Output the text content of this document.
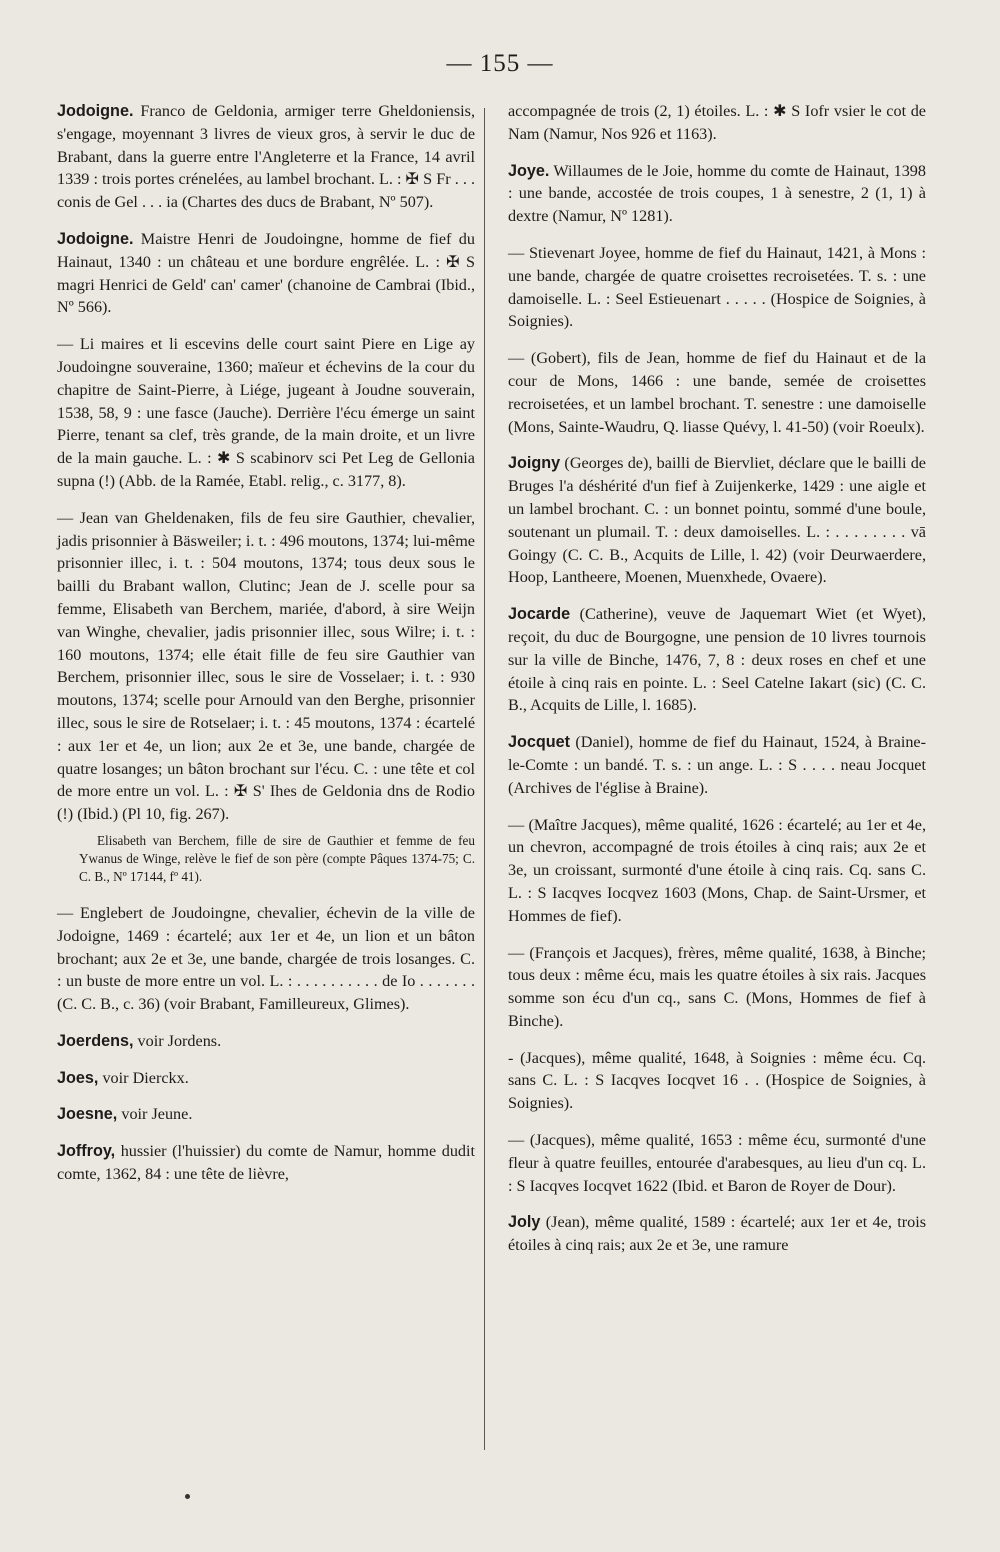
— 155 —

Jodoigne. Franco de Geldonia, armiger terre Gheldoniensis, s'engage, moyennant 3 livres de vieux gros, à servir le duc de Brabant, dans la guerre entre l'Angleterre et la France, 14 avril 1339 : trois portes crénelées, au lambel brochant. L. : ✠ S Fr . . . conis de Gel . . . ia (Chartes des ducs de Brabant, Nº 507).

Jodoigne. Maistre Henri de Joudoingne, homme de fief du Hainaut, 1340 : un château et une bordure engrêlée. L. : ✠ S magri Henrici de Geld' can' camer' (chanoine de Cambrai (Ibid., Nº 566).

— Li maires et li escevins delle court saint Piere en Lige ay Joudoingne souveraine, 1360; maïeur et échevins de la cour du chapitre de Saint-Pierre, à Liége, jugeant à Joudne souverain, 1538, 58, 9 : une fasce (Jauche). Derrière l'écu émerge un saint Pierre, tenant sa clef, très grande, de la main droite, et un livre de la main gauche. L. : ✱ S scabinorv sci Pet Leg de Gellonia supna (!) (Abb. de la Ramée, Etabl. relig., c. 3177, 8).

— Jean van Gheldenaken, fils de feu sire Gauthier, chevalier, jadis prisonnier à Bäsweiler; i. t. : 496 moutons, 1374; lui-même prisonnier illec, i. t. : 504 moutons, 1374; tous deux sous le bailli du Brabant wallon, Clutinc; Jean de J. scelle pour sa femme, Elisabeth van Berchem, mariée, d'abord, à sire Weijn van Winghe, chevalier, jadis prisonnier illec, sous Wilre; i. t. : 160 moutons, 1374; elle était fille de feu sire Gauthier van Berchem, prisonnier illec, sous le sire de Vosselaer; i. t. : 930 moutons, 1374; scelle pour Arnould van den Berghe, prisonnier illec, sous le sire de Rotselaer; i. t. : 45 moutons, 1374 : écartelé : aux 1er et 4e, un lion; aux 2e et 3e, une bande, chargée de quatre losanges; un bâton brochant sur l'écu. C. : une tête et col de more entre un vol. L. : ✠ S' Ihes de Geldonia dns de Rodio (!) (Ibid.) (Pl 10, fig. 267).

Elisabeth van Berchem, fille de sire de Gauthier et femme de feu Ywanus de Winge, relève le fief de son père (compte Pâques 1374-75; C. C. B., Nº 17144, fº 41).

— Englebert de Joudoingne, chevalier, échevin de la ville de Jodoigne, 1469 : écartelé; aux 1er et 4e, un lion et un bâton brochant; aux 2e et 3e, une bande, chargée de trois losanges. C. : un buste de more entre un vol. L. : . . . . . . . . . . de Io . . . . . . . (C. C. B., c. 36) (voir Brabant, Familleureux, Glimes).

Joerdens, voir Jordens.

Joes, voir Dierckx.

Joesne, voir Jeune.

Joffroy, hussier (l'huissier) du comte de Namur, homme dudit comte, 1362, 84 : une tête de lièvre,

accompagnée de trois (2, 1) étoiles. L. : ✱ S Iofr vsier le cot de Nam (Namur, Nos 926 et 1163).

Joye. Willaumes de le Joie, homme du comte de Hainaut, 1398 : une bande, accostée de trois coupes, 1 à senestre, 2 (1, 1) à dextre (Namur, Nº 1281).

— Stievenart Joyee, homme de fief du Hainaut, 1421, à Mons : une bande, chargée de quatre croisettes recroisetées. T. s. : une damoiselle. L. : Seel Estieuenart . . . . . (Hospice de Soignies, à Soignies).

— (Gobert), fils de Jean, homme de fief du Hainaut et de la cour de Mons, 1466 : une bande, semée de croisettes recroisetées, et un lambel brochant. T. senestre : une damoiselle (Mons, Sainte-Waudru, Q. liasse Quévy, l. 41-50) (voir Roeulx).

Joigny (Georges de), bailli de Biervliet, déclare que le bailli de Bruges l'a déshérité d'un fief à Zuijenkerke, 1429 : une aigle et un lambel brochant. C. : un bonnet pointu, sommé d'une boule, soutenant un plumail. T. : deux damoiselles. L. : . . . . . . . . vā Goingy (C. C. B., Acquits de Lille, l. 42) (voir Deurwaerdere, Hoop, Lantheere, Moenen, Muenxhede, Ovaere).

Jocarde (Catherine), veuve de Jaquemart Wiet (et Wyet), reçoit, du duc de Bourgogne, une pension de 10 livres tournois sur la ville de Binche, 1476, 7, 8 : deux roses en chef et une étoile à cinq rais en pointe. L. : Seel Catelne Iakart (sic) (C. C. B., Acquits de Lille, l. 1685).

Jocquet (Daniel), homme de fief du Hainaut, 1524, à Braine-le-Comte : un bandé. T. s. : un ange. L. : S . . . . neau Jocquet (Archives de l'église à Braine).

— (Maître Jacques), même qualité, 1626 : écartelé; au 1er et 4e, un chevron, accompagné de trois étoiles à cinq rais; aux 2e et 3e, un croissant, surmonté d'une étoile à cinq rais. Cq. sans C. L. : S Iacqves Iocqvez 1603 (Mons, Chap. de Saint-Ursmer, et Hommes de fief).

— (François et Jacques), frères, même qualité, 1638, à Binche; tous deux : même écu, mais les quatre étoiles à six rais. Jacques somme son écu d'un cq., sans C. (Mons, Hommes de fief à Binche).

- (Jacques), même qualité, 1648, à Soignies : même écu. Cq. sans C. L. : S Iacqves Iocqvet 16 . . (Hospice de Soignies, à Soignies).

— (Jacques), même qualité, 1653 : même écu, surmonté d'une fleur à quatre feuilles, entourée d'arabesques, au lieu d'un cq. L. : S Iacqves Iocqvet 1622 (Ibid. et Baron de Royer de Dour).

Joly (Jean), même qualité, 1589 : écartelé; aux 1er et 4e, trois étoiles à cinq rais; aux 2e et 3e, une ramure
